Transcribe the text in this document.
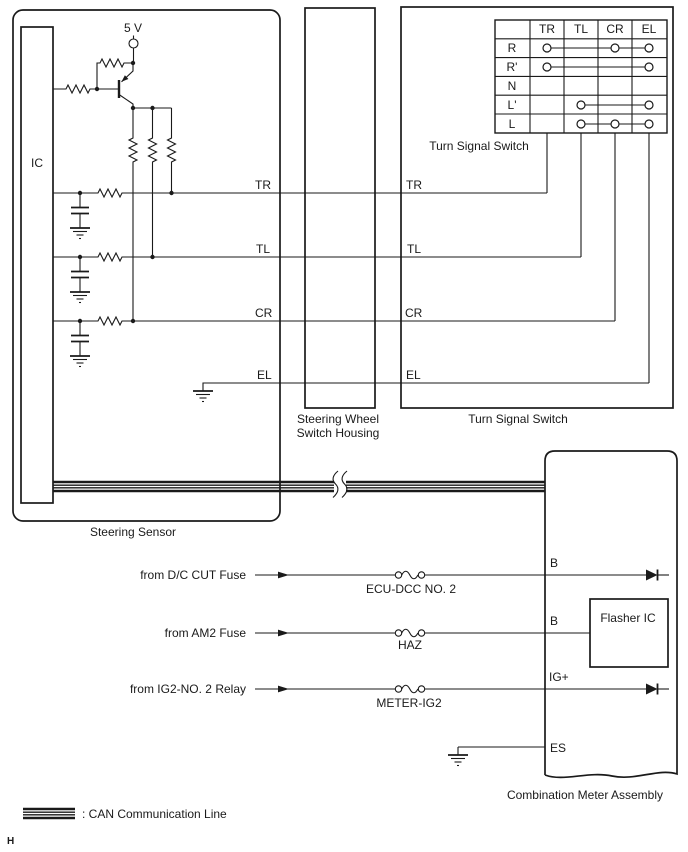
Steering Sensor
IC
5 V
TR
TL
CR
EL
TR
TL
CR
EL
Steering Wheel
Switch Housing
Turn Signal Switch
Turn Signal Switch
TR TL CR EL
R
R'
N
L'
L
Combination Meter Assembly
Flasher IC
B
B
IG+
ES
from D/C CUT Fuse
ECU-DCC NO. 2
from AM2 Fuse
HAZ
from IG2-NO. 2 Relay
METER-IG2
: CAN Communication Line
H
